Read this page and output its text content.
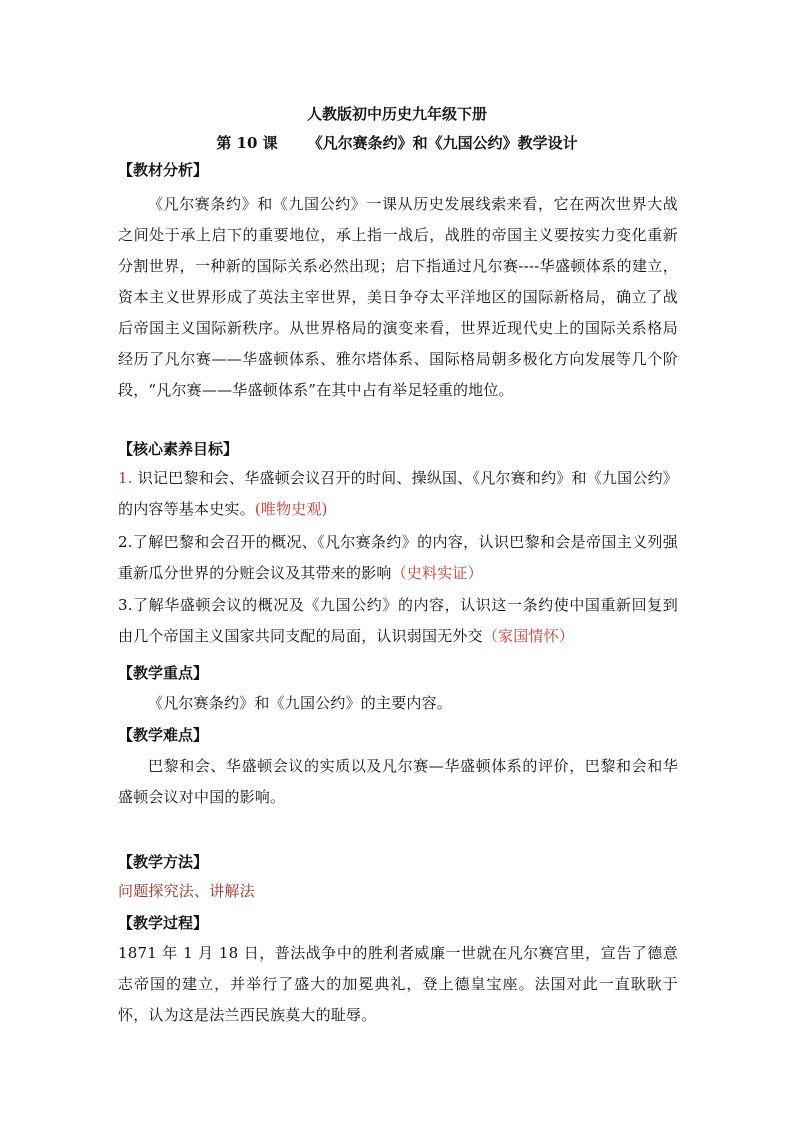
人教版初中历史九年级下册
第 10 课 《凡尔赛条约》和《九国公约》教学设计
【教材分析】
《凡尔赛条约》和《九国公约》一课从历史发展线索来看，它在两次世界大战之间处于承上启下的重要地位，承上指一战后，战胜的帝国主义要按实力变化重新分割世界，一种新的国际关系必然出现；启下指通过凡尔赛----华盛顿体系的建立，资本主义世界形成了英法主宰世界，美日争夺太平洋地区的国际新格局，确立了战后帝国主义国际新秩序。从世界格局的演变来看，世界近现代史上的国际关系格局经历了凡尔赛——华盛顿体系、雅尔塔体系、国际格局朝多极化方向发展等几个阶段，“凡尔赛——华盛顿体系”在其中占有举足轻重的地位。
【核心素养目标】
1. 识记巴黎和会、华盛顿会议召开的时间、操纵国、《凡尔赛和约》和《九国公约》的内容等基本史实。(唯物史观)
2.了解巴黎和会召开的概况、《凡尔赛条约》的内容，认识巴黎和会是帝国主义列强重新瓜分世界的分赃会议及其带来的影响（史料实证）
3.了解华盛顿会议的概况及《九国公约》的内容，认识这一条约使中国重新回复到由几个帝国主义国家共同支配的局面，认识弱国无外交（家国情怀）
【教学重点】
《凡尔赛条约》和《九国公约》的主要内容。
【教学难点】
巴黎和会、华盛顿会议的实质以及凡尔赛—华盛顿体系的评价，巴黎和会和华盛顿会议对中国的影响。
【教学方法】
问题探究法、讲解法
【教学过程】
1871 年 1 月 18 日，普法战争中的胜利者威廉一世就在凡尔赛宫里，宣告了德意志帝国的建立，并举行了盛大的加冕典礼，登上德皇宝座。法国对此一直耿耿于怀，认为这是法兰西民族莫大的耻辱。
